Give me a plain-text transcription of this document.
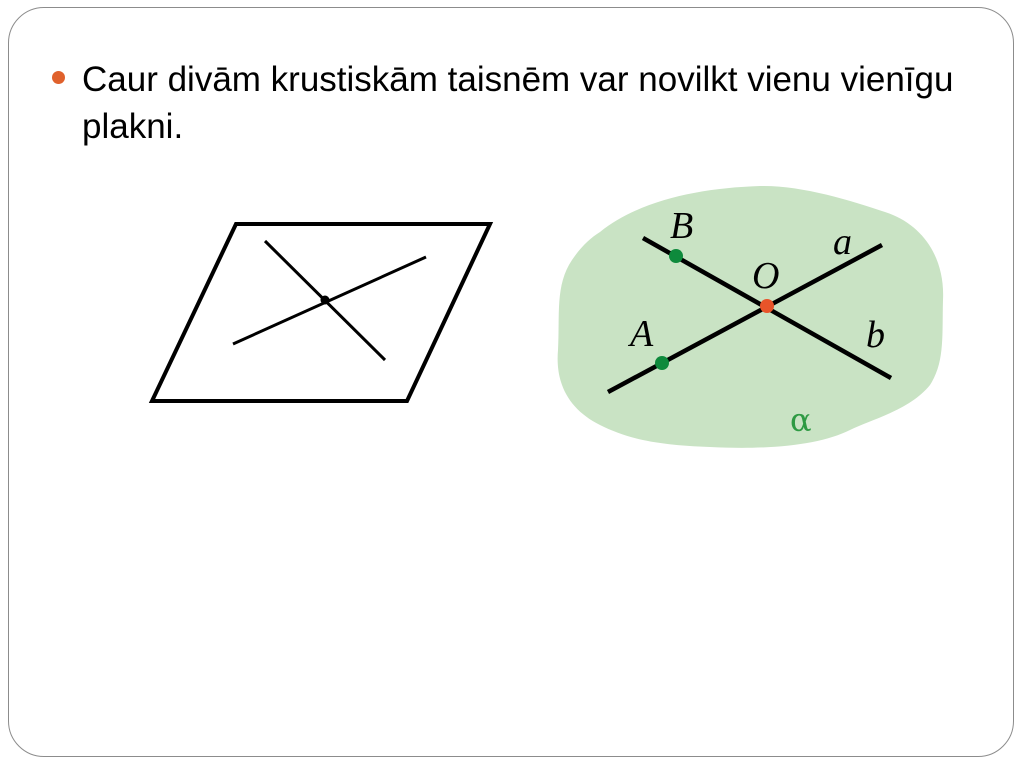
Caur divām krustiskām taisnēm var novilkt vienu vienīgu plakni.
B
A
O
a
b
α
